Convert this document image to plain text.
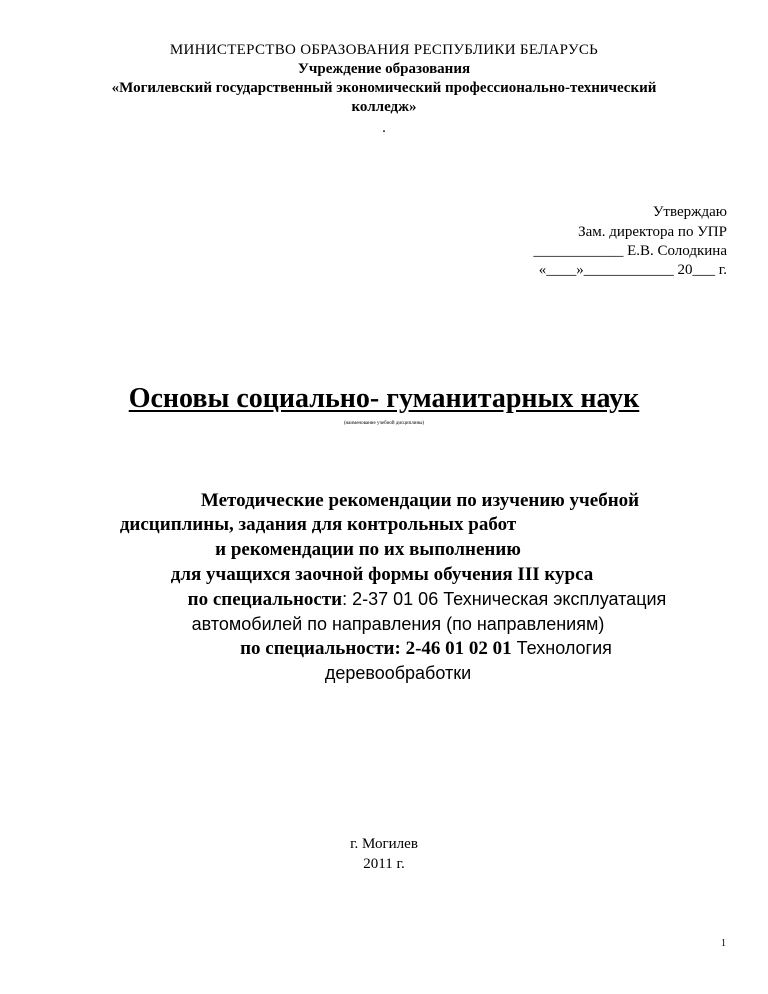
МИНИСТЕРСТВО ОБРАЗОВАНИЯ РЕСПУБЛИКИ БЕЛАРУСЬ
Учреждение образования
«Могилевский государственный экономический профессионально-технический
колледж»
.
Утверждаю
Зам. директора по УПР
____________ Е.В. Солодкина
«____»____________ 20___ г.
Основы социально- гуманитарных наук
(наименование учебной дисциплины)
Методические рекомендации по изучению учебной
дисциплины, задания для контрольных работ
и рекомендации по их выполнению
для учащихся заочной формы обучения III курса
по специальности: 2-37 01 06 Техническая эксплуатация
автомобилей по направления (по направлениям)
по специальности: 2-46 01 02 01 Технология
деревообработки
г. Могилев
2011 г.
1
